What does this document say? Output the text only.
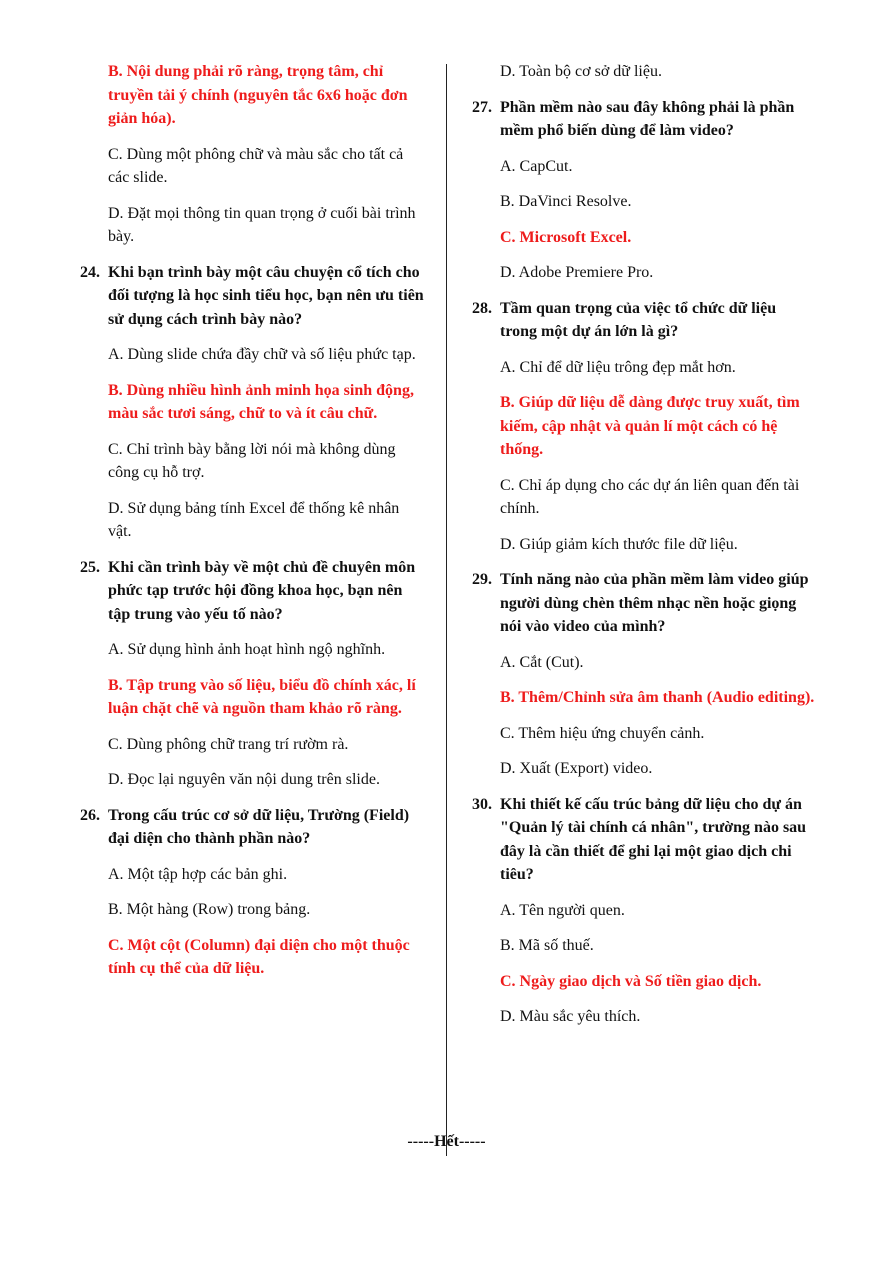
B. Nội dung phải rõ ràng, trọng tâm, chỉ truyền tải ý chính (nguyên tắc 6x6 hoặc đơn giản hóa).
C. Dùng một phông chữ và màu sắc cho tất cả các slide.
D. Đặt mọi thông tin quan trọng ở cuối bài trình bày.
24. Khi bạn trình bày một câu chuyện cổ tích cho đối tượng là học sinh tiểu học, bạn nên ưu tiên sử dụng cách trình bày nào?
A. Dùng slide chứa đầy chữ và số liệu phức tạp.
B. Dùng nhiều hình ảnh minh họa sinh động, màu sắc tươi sáng, chữ to và ít câu chữ.
C. Chỉ trình bày bằng lời nói mà không dùng công cụ hỗ trợ.
D. Sử dụng bảng tính Excel để thống kê nhân vật.
25. Khi cần trình bày về một chủ đề chuyên môn phức tạp trước hội đồng khoa học, bạn nên tập trung vào yếu tố nào?
A. Sử dụng hình ảnh hoạt hình ngộ nghĩnh.
B. Tập trung vào số liệu, biểu đồ chính xác, lí luận chặt chẽ và nguồn tham khảo rõ ràng.
C. Dùng phông chữ trang trí rườm rà.
D. Đọc lại nguyên văn nội dung trên slide.
26. Trong cấu trúc cơ sở dữ liệu, Trường (Field) đại diện cho thành phần nào?
A. Một tập hợp các bản ghi.
B. Một hàng (Row) trong bảng.
C. Một cột (Column) đại diện cho một thuộc tính cụ thể của dữ liệu.
D. Toàn bộ cơ sở dữ liệu.
27. Phần mềm nào sau đây không phải là phần mềm phổ biến dùng để làm video?
A. CapCut.
B. DaVinci Resolve.
C. Microsoft Excel.
D. Adobe Premiere Pro.
28. Tầm quan trọng của việc tổ chức dữ liệu trong một dự án lớn là gì?
A. Chỉ để dữ liệu trông đẹp mắt hơn.
B. Giúp dữ liệu dễ dàng được truy xuất, tìm kiếm, cập nhật và quản lí một cách có hệ thống.
C. Chỉ áp dụng cho các dự án liên quan đến tài chính.
D. Giúp giảm kích thước file dữ liệu.
29. Tính năng nào của phần mềm làm video giúp người dùng chèn thêm nhạc nền hoặc giọng nói vào video của mình?
A. Cắt (Cut).
B. Thêm/Chỉnh sửa âm thanh (Audio editing).
C. Thêm hiệu ứng chuyển cảnh.
D. Xuất (Export) video.
30. Khi thiết kế cấu trúc bảng dữ liệu cho dự án "Quản lý tài chính cá nhân", trường nào sau đây là cần thiết để ghi lại một giao dịch chi tiêu?
A. Tên người quen.
B. Mã số thuế.
C. Ngày giao dịch và Số tiền giao dịch.
D. Màu sắc yêu thích.
-----Hết-----
